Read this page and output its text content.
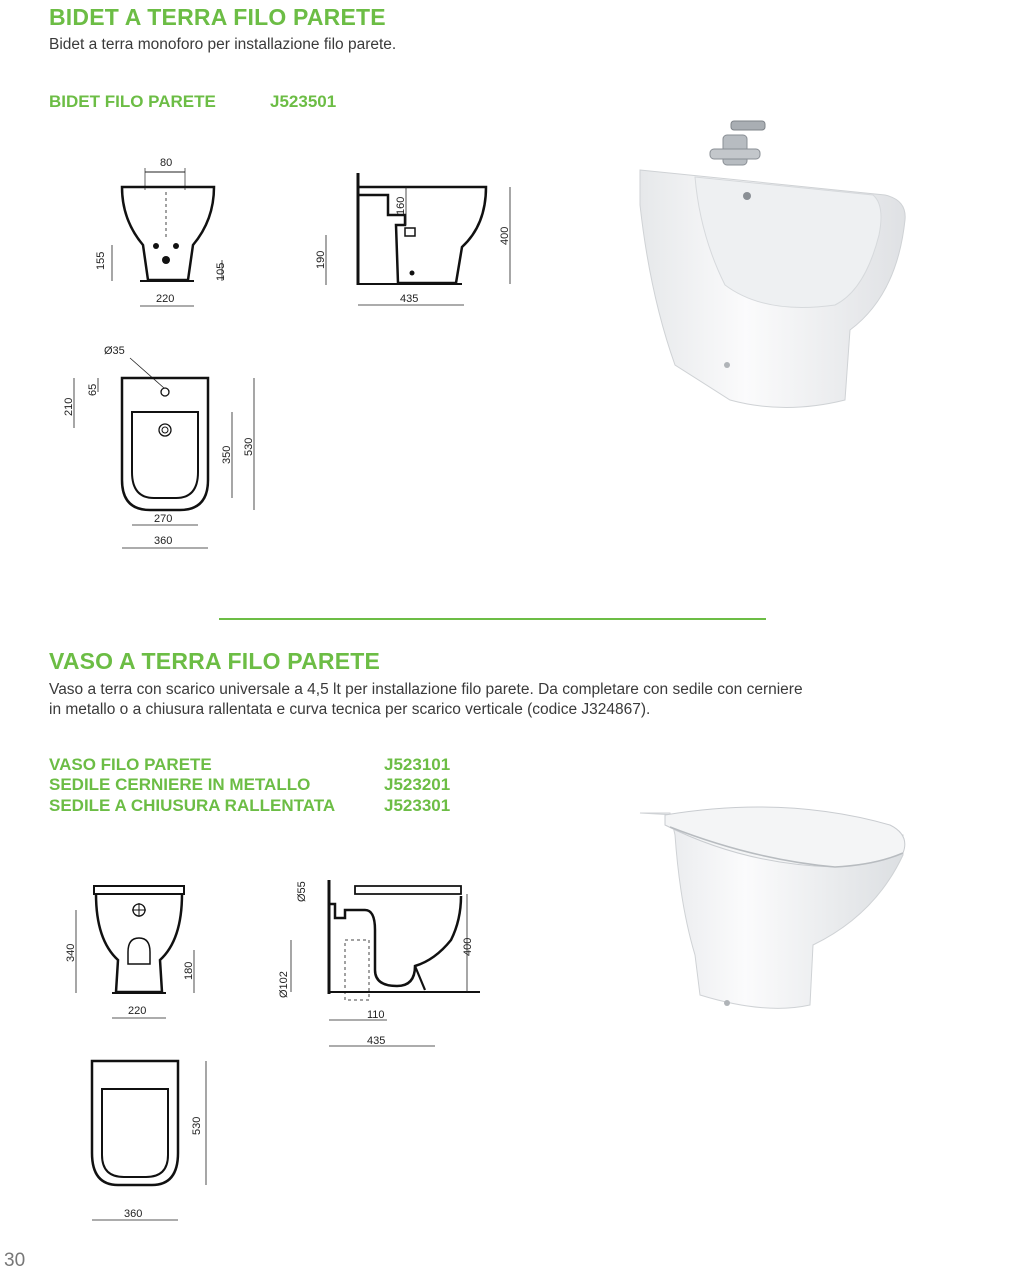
BIDET A TERRA FILO PARETE
Bidet a terra monoforo per installazione filo parete.
BIDET FILO PARETE	J523501
80
155
105
220
190
160
400
435
Ø35
210
65
350 530
270
360
VASO A TERRA FILO PARETE
Vaso a terra con scarico universale a 4,5 lt per installazione filo parete. Da completare con sedile con cerniere
in metallo o a chiusura rallentata e curva tecnica per scarico verticale (codice J324867).
VASO FILO PARETE	J523101
SEDILE CERNIERE IN METALLO	J523201
SEDILE A CHIUSURA RALLENTATA	J523301
340
180
220
Ø55
Ø102
400
110
435
530
360
30
